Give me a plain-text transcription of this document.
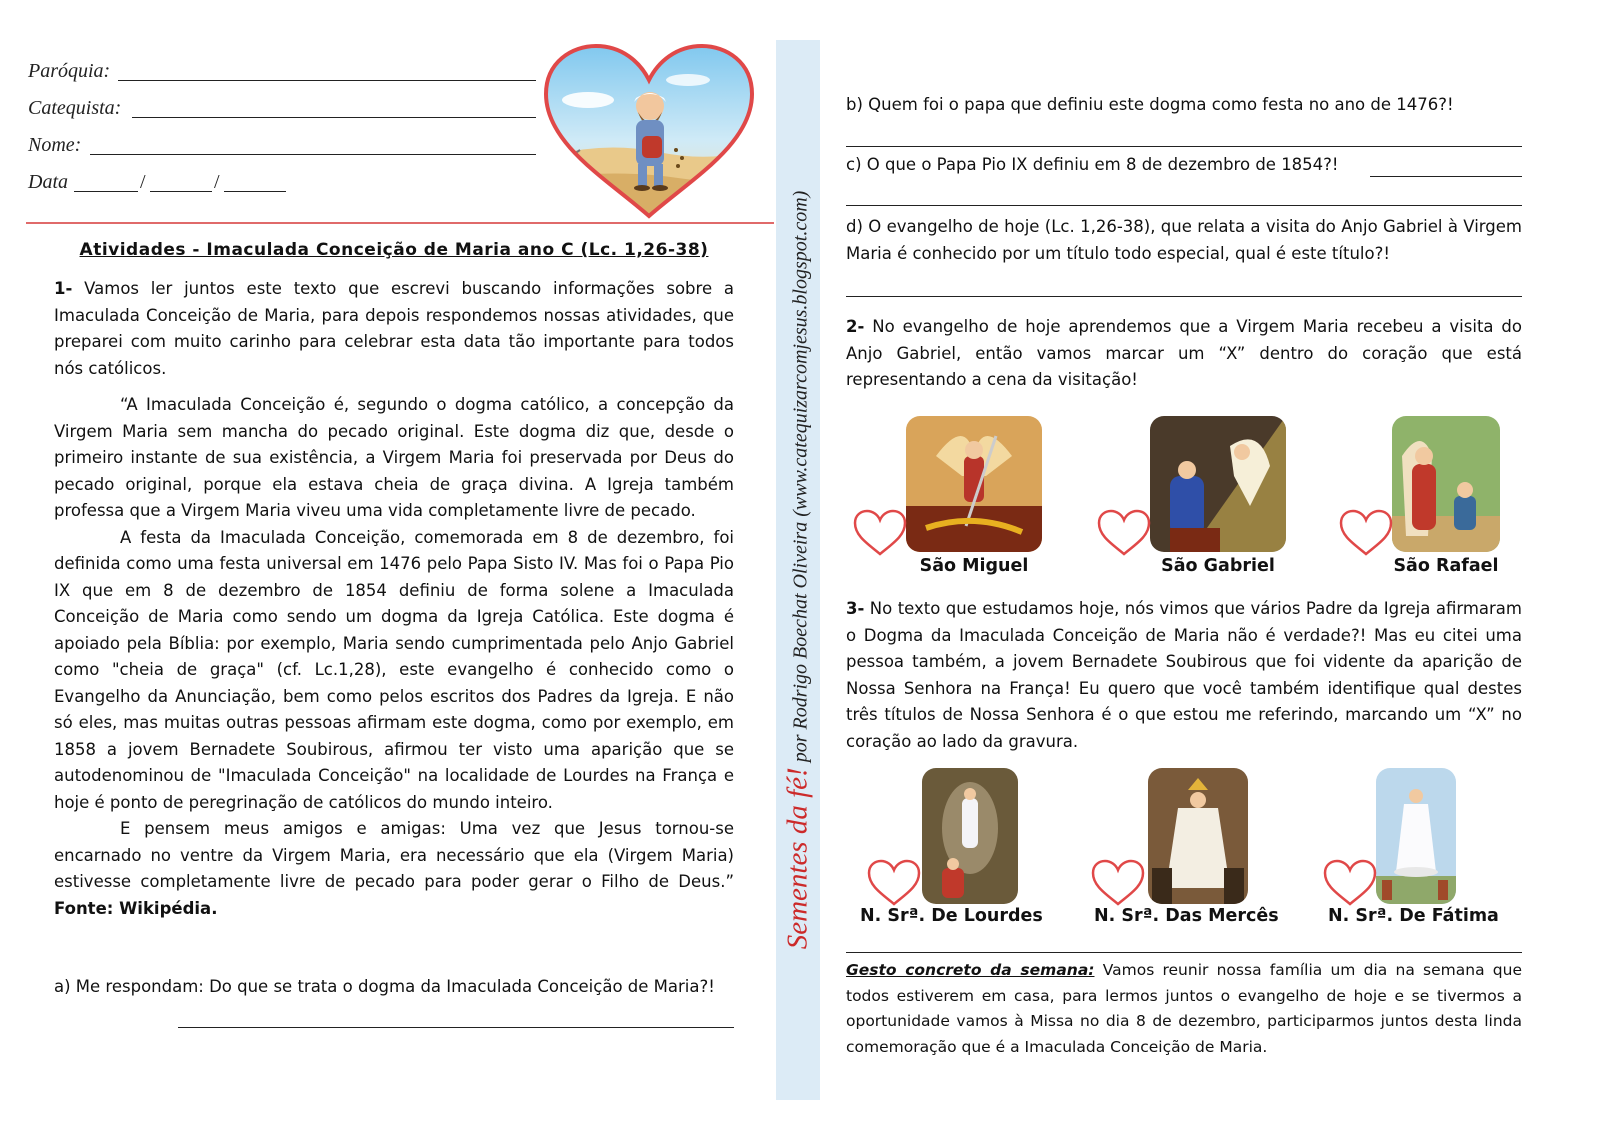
Paróquia:
Catequista:
Nome:
Data	/	/
Atividades - Imaculada Conceição de Maria ano C (Lc. 1,26-38)

1- Vamos ler juntos este texto que escrevi buscando informações sobre a Imaculada Conceição de Maria, para depois respondemos nossas atividades, que preparei com muito carinho para celebrar esta data tão importante para todos nós católicos.

“A Imaculada Conceição é, segundo o dogma católico, a concepção da Virgem Maria sem mancha do pecado original. Este dogma diz que, desde o primeiro instante de sua existência, a Virgem Maria foi preservada por Deus do pecado original, porque ela estava cheia de graça divina. A Igreja também professa que a Virgem Maria viveu uma vida completamente livre de pecado.

A festa da Imaculada Conceição, comemorada em 8 de dezembro, foi definida como uma festa universal em 1476 pelo Papa Sisto IV. Mas foi o Papa Pio IX que em 8 de dezembro de 1854 definiu de forma solene a Imaculada Conceição de Maria como sendo um dogma da Igreja Católica. Este dogma é apoiado pela Bíblia: por exemplo, Maria sendo cumprimentada pelo Anjo Gabriel como "cheia de graça" (cf. Lc.1,28), este evangelho é conhecido como o Evangelho da Anunciação, bem como pelos escritos dos Padres da Igreja. E não só eles, mas muitas outras pessoas afirmam este dogma, como por exemplo, em 1858 a jovem Bernadete Soubirous, afirmou ter visto uma aparição que se autodenominou de "Imaculada Conceição" na localidade de Lourdes na França e hoje é ponto de peregrinação de católicos do mundo inteiro.

E pensem meus amigos e amigas: Uma vez que Jesus tornou-se encarnado no ventre da Virgem Maria, era necessário que ela (Virgem Maria) estivesse completamente livre de pecado para poder gerar o Filho de Deus.” Fonte: Wikipédia.

a) Me respondam: Do que se trata o dogma da Imaculada Conceição de Maria?!

Sementes da fé! por Rodrigo Boechat Oliveira (www.catequizarcomjesus.blogspot.com)

b) Quem foi o papa que definiu este dogma como festa no ano de 1476?!

c) O que o Papa Pio IX definiu em 8 de dezembro de 1854?!

d) O evangelho de hoje (Lc. 1,26-38), que relata a visita do Anjo Gabriel à Virgem Maria é conhecido por um título todo especial, qual é este título?!

2- No evangelho de hoje aprendemos que a Virgem Maria recebeu a visita do Anjo Gabriel, então vamos marcar um “X” dentro do coração que está representando a cena da visitação!

São Miguel	São Gabriel	São Rafael

3- No texto que estudamos hoje, nós vimos que vários Padre da Igreja afirmaram o Dogma da Imaculada Conceição de Maria não é verdade?! Mas eu citei uma pessoa também, a jovem Bernadete Soubirous que foi vidente da aparição de Nossa Senhora na França! Eu quero que você também identifique qual destes três títulos de Nossa Senhora é o que estou me referindo, marcando um “X” no coração ao lado da gravura.

N. Srª. De Lourdes	N. Srª. Das Mercês	N. Srª. De Fátima

Gesto concreto da semana: Vamos reunir nossa família um dia na semana que todos estiverem em casa, para lermos juntos o evangelho de hoje e se tivermos a oportunidade vamos à Missa no dia 8 de dezembro, participarmos juntos desta linda comemoração que é a Imaculada Conceição de Maria.
